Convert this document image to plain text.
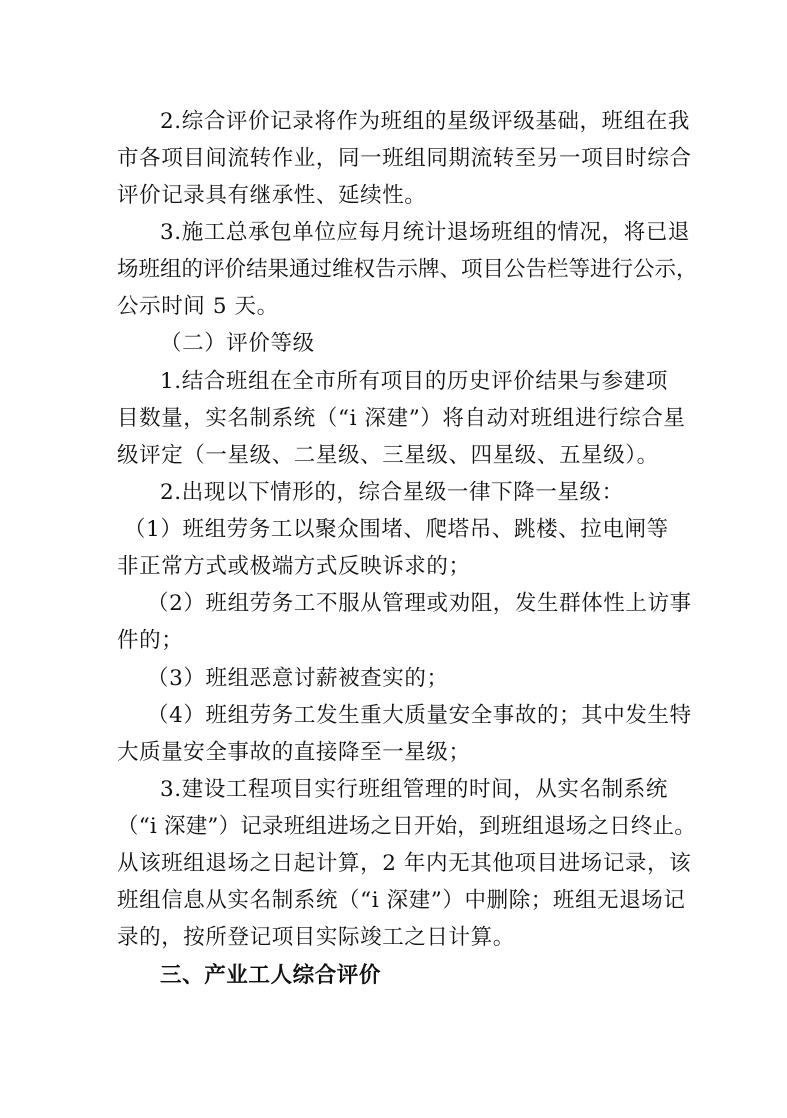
2.综合评价记录将作为班组的星级评级基础，班组在我
市各项目间流转作业，同一班组同期流转至另一项目时综合
评价记录具有继承性、延续性。
3.施工总承包单位应每月统计退场班组的情况，将已退
场班组的评价结果通过维权告示牌、项目公告栏等进行公示，
公示时间 5 天。
（二）评价等级
1.结合班组在全市所有项目的历史评价结果与参建项
目数量，实名制系统（“i 深建”）将自动对班组进行综合星
级评定（一星级、二星级、三星级、四星级、五星级）。
2.出现以下情形的，综合星级一律下降一星级：
（1）班组劳务工以聚众围堵、爬塔吊、跳楼、拉电闸等
非正常方式或极端方式反映诉求的；
（2）班组劳务工不服从管理或劝阻，发生群体性上访事
件的；
（3）班组恶意讨薪被查实的；
（4）班组劳务工发生重大质量安全事故的；其中发生特
大质量安全事故的直接降至一星级；
3.建设工程项目实行班组管理的时间，从实名制系统
（“i 深建”）记录班组进场之日开始，到班组退场之日终止。
从该班组退场之日起计算，2 年内无其他项目进场记录，该
班组信息从实名制系统（“i 深建”）中删除；班组无退场记
录的，按所登记项目实际竣工之日计算。
三、产业工人综合评价
